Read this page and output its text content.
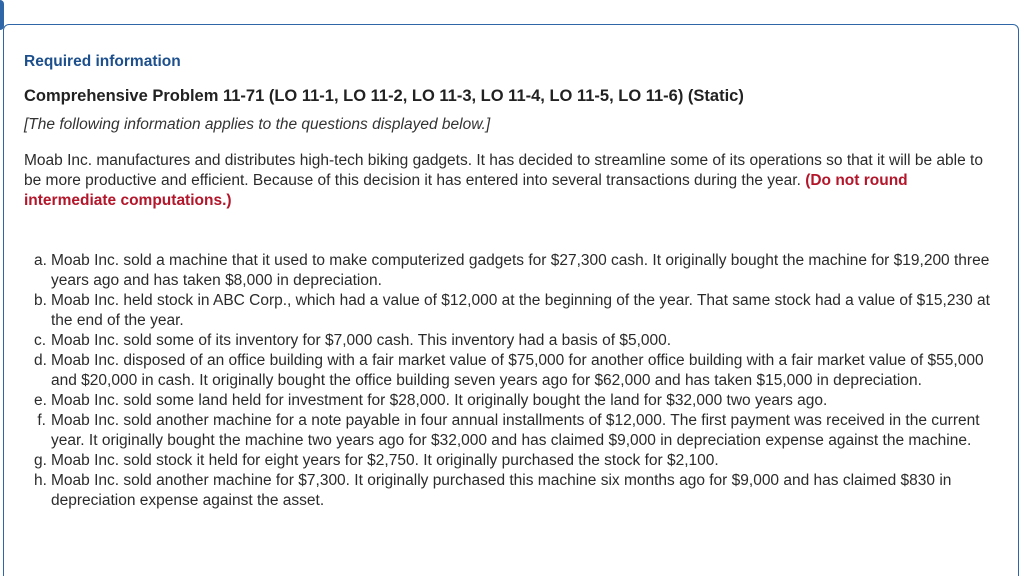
Required information

Comprehensive Problem 11-71 (LO 11-1, LO 11-2, LO 11-3, LO 11-4, LO 11-5, LO 11-6) (Static)

[The following information applies to the questions displayed below.]

Moab Inc. manufactures and distributes high-tech biking gadgets. It has decided to streamline some of its operations so that it will be able to be more productive and efficient. Because of this decision it has entered into several transactions during the year. (Do not round intermediate computations.)

a. Moab Inc. sold a machine that it used to make computerized gadgets for $27,300 cash. It originally bought the machine for $19,200 three years ago and has taken $8,000 in depreciation.
b. Moab Inc. held stock in ABC Corp., which had a value of $12,000 at the beginning of the year. That same stock had a value of $15,230 at the end of the year.
c. Moab Inc. sold some of its inventory for $7,000 cash. This inventory had a basis of $5,000.
d. Moab Inc. disposed of an office building with a fair market value of $75,000 for another office building with a fair market value of $55,000 and $20,000 in cash. It originally bought the office building seven years ago for $62,000 and has taken $15,000 in depreciation.
e. Moab Inc. sold some land held for investment for $28,000. It originally bought the land for $32,000 two years ago.
f. Moab Inc. sold another machine for a note payable in four annual installments of $12,000. The first payment was received in the current year. It originally bought the machine two years ago for $32,000 and has claimed $9,000 in depreciation expense against the machine.
g. Moab Inc. sold stock it held for eight years for $2,750. It originally purchased the stock for $2,100.
h. Moab Inc. sold another machine for $7,300. It originally purchased this machine six months ago for $9,000 and has claimed $830 in depreciation expense against the asset.
